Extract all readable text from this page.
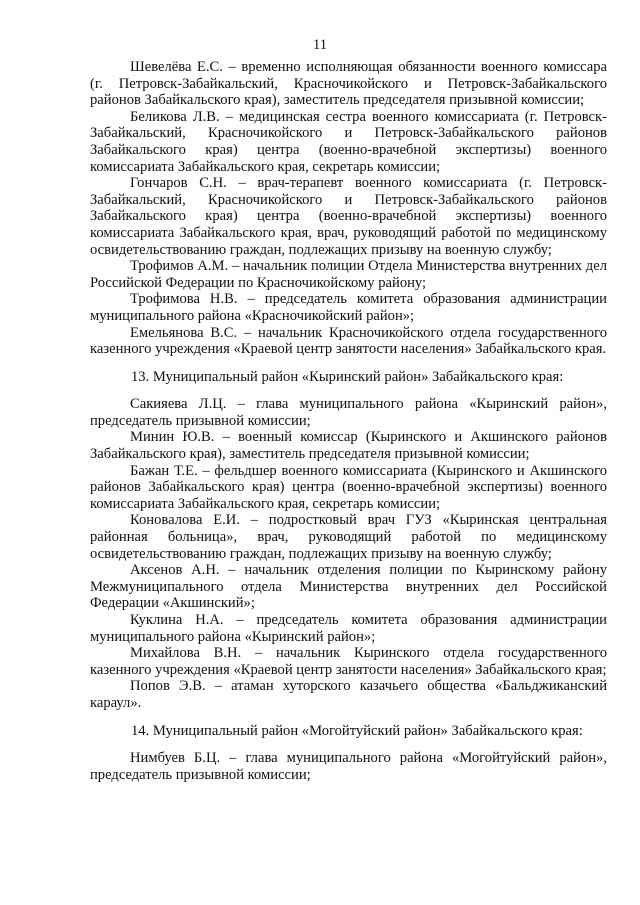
11

Шевелёва Е.С. – временно исполняющая обязанности военного комиссара (г. Петровск-Забайкальский, Красночикойского и Петровск-Забайкальского районов Забайкальского края), заместитель председателя призывной комиссии;

Беликова Л.В. – медицинская сестра военного комиссариата (г. Петровск-Забайкальский, Красночикойского и Петровск-Забайкальского районов Забайкальского края) центра (военно-врачебной экспертизы) военного комиссариата Забайкальского края, секретарь комиссии;

Гончаров С.Н. – врач-терапевт военного комиссариата (г. Петровск-Забайкальский, Красночикойского и Петровск-Забайкальского районов Забайкальского края) центра (военно-врачебной экспертизы) военного комиссариата Забайкальского края, врач, руководящий работой по медицинскому освидетельствованию граждан, подлежащих призыву на военную службу;

Трофимов А.М. – начальник полиции Отдела Министерства внутренних дел Российской Федерации по Красночикойскому району;

Трофимова Н.В. – председатель комитета образования администрации муниципального района «Красночикойский район»;

Емельянова В.С. – начальник Красночикойского отдела государственного казенного учреждения «Краевой центр занятости населения» Забайкальского края.

13. Муниципальный район «Кыринский район» Забайкальского края:

Сакияева Л.Ц. – глава муниципального района «Кыринский район», председатель призывной комиссии;

Минин Ю.В. – военный комиссар (Кыринского и Акшинского районов Забайкальского края), заместитель председателя призывной комиссии;

Бажан Т.Е. – фельдшер военного комиссариата (Кыринского и Акшинского районов Забайкальского края) центра (военно-врачебной экспертизы) военного комиссариата Забайкальского края, секретарь комиссии;

Коновалова Е.И. – подростковый врач ГУЗ «Кыринская центральная районная больница», врач, руководящий работой по медицинскому освидетельствованию граждан, подлежащих призыву на военную службу;

Аксенов А.Н. – начальник отделения полиции по Кыринскому району Межмуниципального отдела Министерства внутренних дел Российской Федерации «Акшинский»;

Куклина Н.А. – председатель комитета образования администрации муниципального района «Кыринский район»;

Михайлова В.Н. – начальник Кыринского отдела государственного казенного учреждения «Краевой центр занятости населения» Забайкальского края;

Попов Э.В. – атаман хуторского казачьего общества «Бальджиканский караул».

14. Муниципальный район «Могойтуйский район» Забайкальского края:

Нимбуев Б.Ц. – глава муниципального района «Могойтуйский район», председатель призывной комиссии;
